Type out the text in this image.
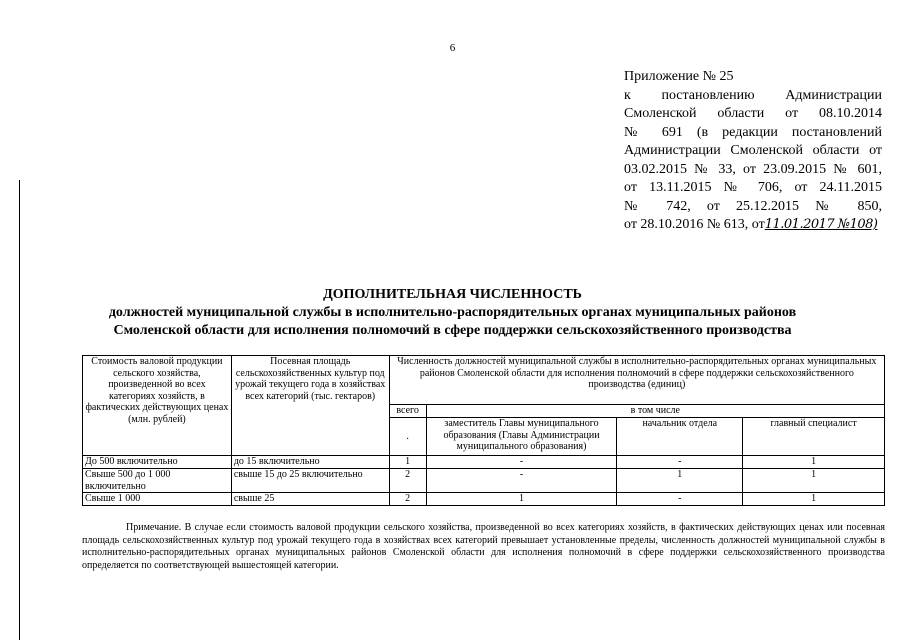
6
Приложение № 25
к постановлению Администрации
Смоленской области от 08.10.2014
№ 691 (в редакции постановлений
Администрации Смоленской области от
03.02.2015 № 33, от 23.09.2015 № 601,
от 13.11.2015 № 706, от 24.11.2015
№ 742, от 25.12.2015 № 850,
от 28.10.2016 № 613, от11.01.2017 №108)
ДОПОЛНИТЕЛЬНАЯ ЧИСЛЕННОСТЬ
должностей муниципальной службы в исполнительно-распорядительных органах муниципальных районов
Смоленской области для исполнения полномочий в сфере поддержки сельскохозяйственного производства
Стоимость валовой продукции сельского хозяйства, произведенной во всех категориях хозяйств, в фактических действующих ценах (млн. рублей)	Посевная площадь сельскохозяйственных культур под урожай текущего года в хозяйствах всех категорий (тыс. гектаров)	Численность должностей муниципальной службы в исполнительно-распорядительных органах муниципальных районов Смоленской области для исполнения полномочий в сфере поддержки сельскохозяйственного производства (единиц)			
		всего	в том числе		
		.	заместитель Главы муниципального образования (Главы Администрации муниципального образования)	начальник отдела	главный специалист
До 500 включительно	до 15 включительно	1	-	-	1
Свыше 500 до 1 000 включительно	свыше 15 до 25 включительно	2	-	1	1
Свыше 1 000	свыше 25	2	1	-	1
Примечание. В случае если стоимость валовой продукции сельского хозяйства, произведенной во всех категориях хозяйств, в фактических действующих ценах или посевная площадь сельскохозяйственных культур под урожай текущего года в хозяйствах всех категорий превышает установленные пределы, численность должностей муниципальной службы в исполнительно-распорядительных органах муниципальных районов Смоленской области для исполнения полномочий в сфере поддержки сельскохозяйственного производства определяется по соответствующей вышестоящей категории.
